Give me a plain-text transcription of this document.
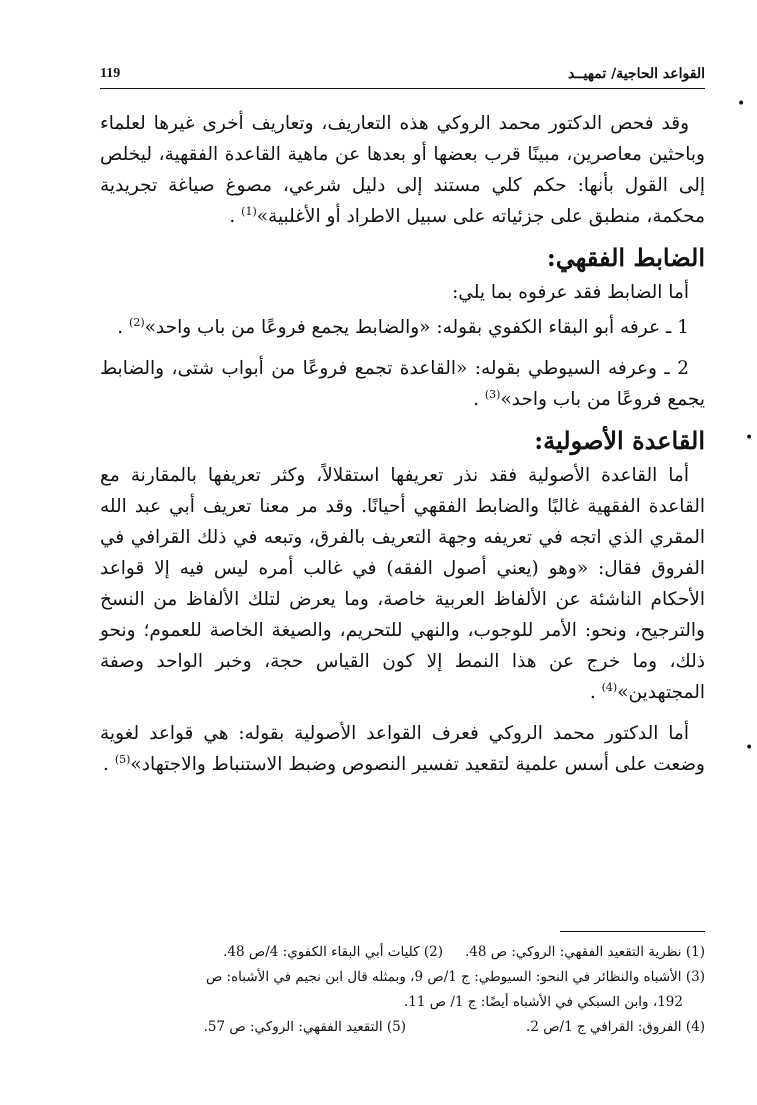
القواعد الحاجية/ تمهيــد
119
•
•
•

وقد فحص الدكتور محمد الروكي هذه التعاريف، وتعاريف أخرى غيرها لعلماء وباحثين معاصرين، مبينًا قرب بعضها أو بعدها عن ماهية القاعدة الفقهية، ليخلص إلى القول بأنها: حكم كلي مستند إلى دليل شرعي، مصوغ صياغة تجريدية محكمة، منطبق على جزئياته على سبيل الاطراد أو الأغلبية»$^{(1)}$ .

الضابط الفقهي:
أما الضابط فقد عرفوه بما يلي:

1 ـ عرفه أبو البقاء الكفوي بقوله: «والضابط يجمع فروعًا من باب واحد»$^{(2)}$ .

2 ـ وعرفه السيوطي بقوله: «القاعدة تجمع فروعًا من أبواب شتى، والضابط يجمع فروعًا من باب واحد»$^{(3)}$ .

القاعدة الأصولية:

أما القاعدة الأصولية فقد نذر تعريفها استقلالاً، وكثر تعريفها بالمقارنة مع القاعدة الفقهية غالبًا والضابط الفقهي أحيانًا. وقد مر معنا تعريف أبي عبد الله المقري الذي اتجه في تعريفه وجهة التعريف بالفرق، وتبعه في ذلك القرافي في الفروق فقال: «وهو (يعني أصول الفقه) في غالب أمره ليس فيه إلا قواعد الأحكام الناشئة عن الألفاظ العربية خاصة، وما يعرض لتلك الألفاظ من النسخ والترجيح، ونحو: الأمر للوجوب، والنهي للتحريم، والصيغة الخاصة للعموم؛ ونحو ذلك، وما خرج عن هذا النمط إلا كون القياس حجة، وخبر الواحد وصفة المجتهدين»$^{(4)}$ .

أما الدكتور محمد الروكي فعرف القواعد الأصولية بقوله: هي قواعد لغوية وضعت على أسس علمية لتقعيد تفسير النصوص وضبط الاستنباط والاجتهاد»$^{(5)}$ .

(1) نظرية التقعيد الفقهي: الروكي: ص 48.
(2) كليات أبي البقاء الكفوي: 4/ص 48.
(3) الأشباه والنظائر في النحو: السيوطي: ج 1/ص 9، وبمثله قال ابن نجيم في الأشباه: ص
192، وابن السبكي في الأشباه أيضًا: ج 1/ ص 11.
(4) الفروق: القرافي ج 1/ص 2.
(5) التقعيد الفقهي: الروكي: ص 57.
